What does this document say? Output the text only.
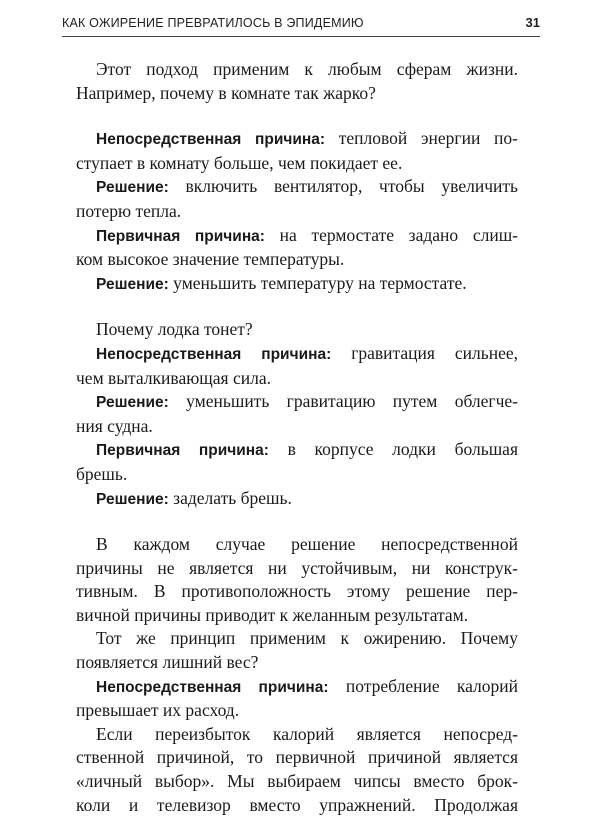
КАК ОЖИРЕНИЕ ПРЕВРАТИЛОСЬ В ЭПИДЕМИЮ	31
Этот подход применим к любым сферам жизни.
Например, почему в комнате так жарко?
Непосредственная причина: тепловой энергии по-
ступает в комнату больше, чем покидает ее.
Решение: включить вентилятор, чтобы увеличить
потерю тепла.
Первичная причина: на термостате задано слиш-
ком высокое значение температуры.
Решение: уменьшить температуру на термостате.
Почему лодка тонет?
Непосредственная причина: гравитация сильнее,
чем выталкивающая сила.
Решение: уменьшить гравитацию путем облегче-
ния судна.
Первичная причина: в корпусе лодки большая
брешь.
Решение: заделать брешь.
В каждом случае решение непосредственной
причины не является ни устойчивым, ни конструк-
тивным. В противоположность этому решение пер-
вичной причины приводит к желанным результатам.
Тот же принцип применим к ожирению. Почему
появляется лишний вес?
Непосредственная причина: потребление калорий
превышает их расход.
Если переизбыток калорий является непосред-
ственной причиной, то первичной причиной является
«личный выбор». Мы выбираем чипсы вместо брок-
коли и телевизор вместо упражнений. Продолжая
